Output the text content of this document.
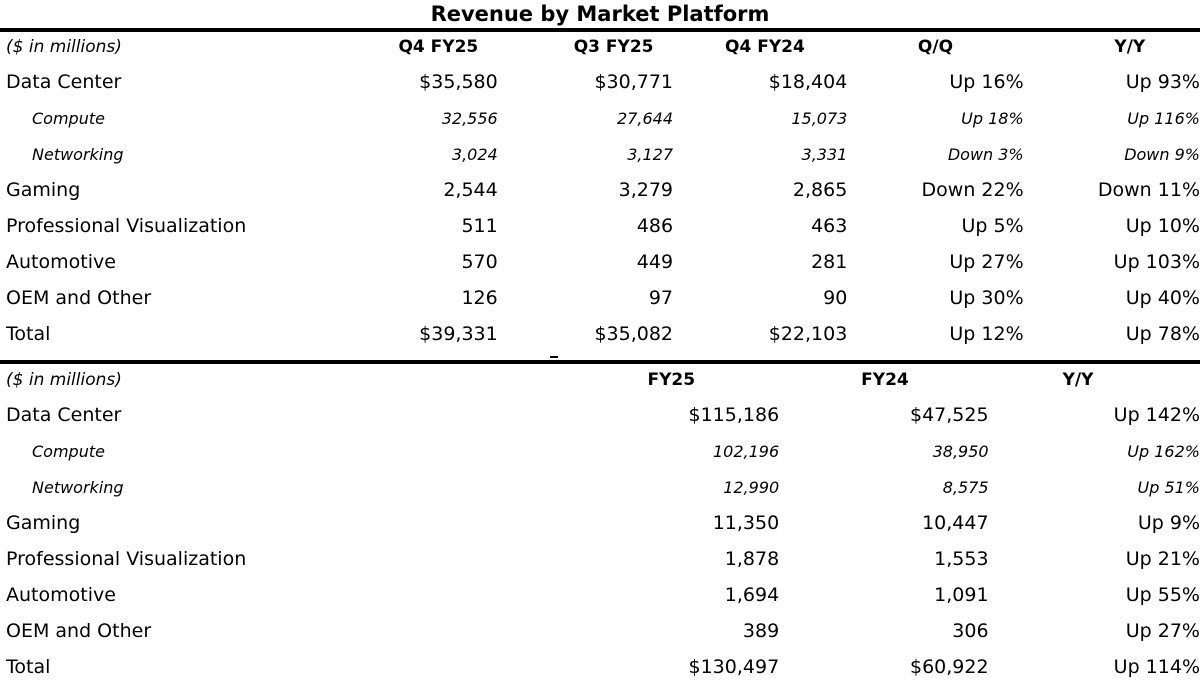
Revenue by Market Platform
($ in millions)	Q4 FY25	Q3 FY25	Q4 FY24	Q/Q	Y/Y
Data Center	$35,580	$30,771	$18,404	Up 16%	Up 93%
Compute	32,556	27,644	15,073	Up 18%	Up 116%
Networking	3,024	3,127	3,331	Down 3%	Down 9%
Gaming	2,544	3,279	2,865	Down 22%	Down 11%
Professional Visualization	511	486	463	Up 5%	Up 10%
Automotive	570	449	281	Up 27%	Up 103%
OEM and Other	126	97	90	Up 30%	Up 40%
Total	$39,331	$35,082	$22,103	Up 12%	Up 78%
($ in millions)	FY25	FY24	Y/Y
Data Center	$115,186	$47,525	Up 142%
Compute	102,196	38,950	Up 162%
Networking	12,990	8,575	Up 51%
Gaming	11,350	10,447	Up 9%
Professional Visualization	1,878	1,553	Up 21%
Automotive	1,694	1,091	Up 55%
OEM and Other	389	306	Up 27%
Total	$130,497	$60,922	Up 114%
